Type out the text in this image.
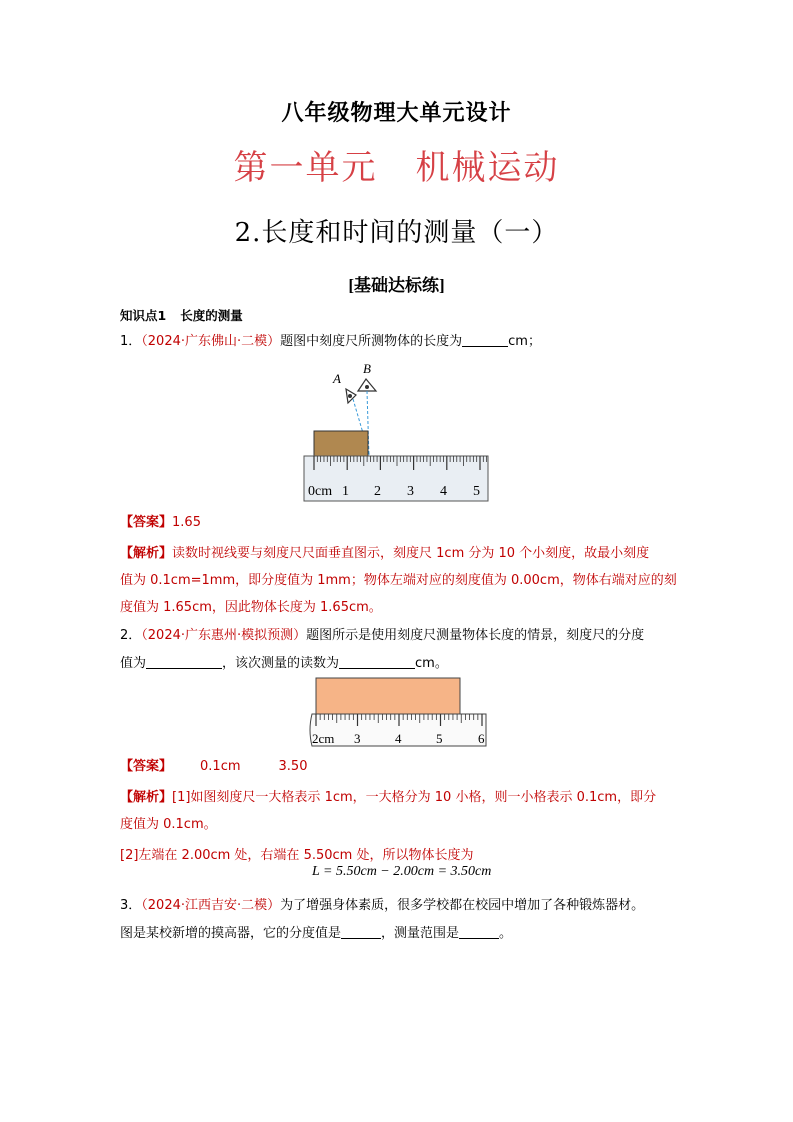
八年级物理大单元设计
第一单元 机械运动
2.长度和时间的测量（一）
[基础达标练]
知识点1 长度的测量
1．（2024·广东佛山·二模）题图中刻度尺所测物体的长度为	cm；
A
B
0cm 1 2 3 4 5
【答案】1.65
【解析】读数时视线要与刻度尺尺面垂直图示，刻度尺 1cm 分为 10 个小刻度，故最小刻度
值为 0.1cm=1mm，即分度值为 1mm；物体左端对应的刻度值为 0.00cm，物体右端对应的刻
度值为 1.65cm，因此物体长度为 1.65cm。
2．（2024·广东惠州·模拟预测）题图所示是使用刻度尺测量物体长度的情景，刻度尺的分度
值为	，该次测量的读数为	cm。
2cm 3	4	5	6
【答案】 0.1cm	3.50
【解析】[1]如图刻度尺一大格表示 1cm，一大格分为 10 小格，则一小格表示 0.1cm，即分
度值为 0.1cm。
[2]左端在 2.00cm 处，右端在 5.50cm 处，所以物体长度为
L = 5.50cm − 2.00cm = 3.50cm
3．（2024·江西吉安·二模）为了增强身体素质，很多学校都在校园中增加了各种锻炼器材。
图是某校新增的摸高器，它的分度值是	，测量范围是	。
